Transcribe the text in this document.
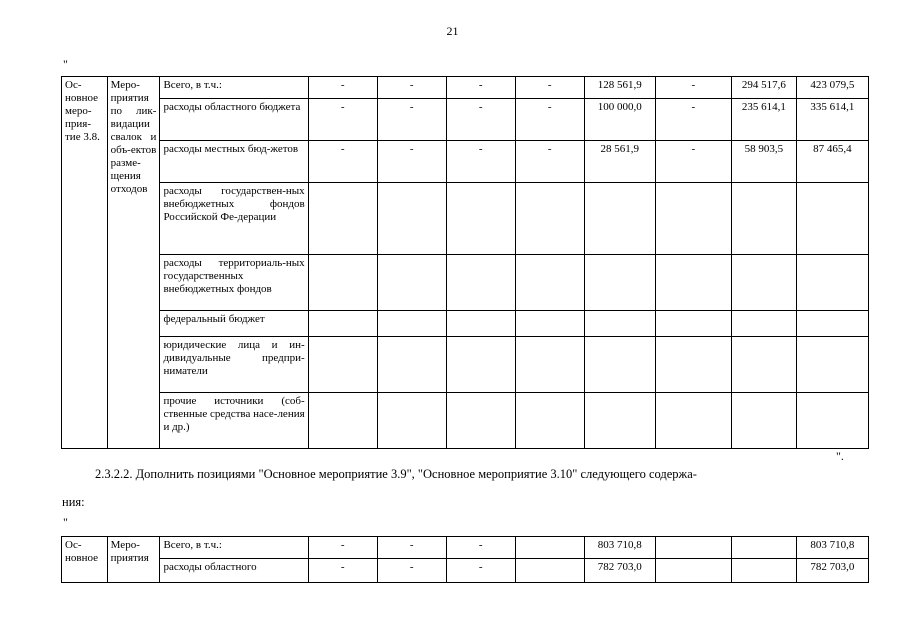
21
"
Ос-новное меро-прия-тие 3.8.	Меро-приятия по лик-видации свалок и объ-ектов разме-щения отходов	Всего, в т.ч.:	-	-	-	-	128 561,9	-	294 517,6	423 079,5
		расходы областного бюджета	-	-	-	-	100 000,0	-	235 614,1	335 614,1
		расходы местных бюд-жетов	-	-	-	-	28 561,9	-	58 903,5	87 465,4
		расходы государствен-ных внебюджетных фондов Российской Фе-дерации								
		расходы территориаль-ных государственных внебюджетных фондов								
		федеральный бюджет								
		юридические лица и ин-дивидуальные предпри-ниматели								
		прочие источники (соб-ственные средства насе-ления и др.)								
".
2.3.2.2. Дополнить позициями "Основное мероприятие 3.9", "Основное мероприятие 3.10" следующего содержа-
ния:
"
Ос-новное	Меро-приятия	Всего, в т.ч.:	-	-	-		803 710,8			803 710,8
		расходы областного	-	-	-		782 703,0			782 703,0
